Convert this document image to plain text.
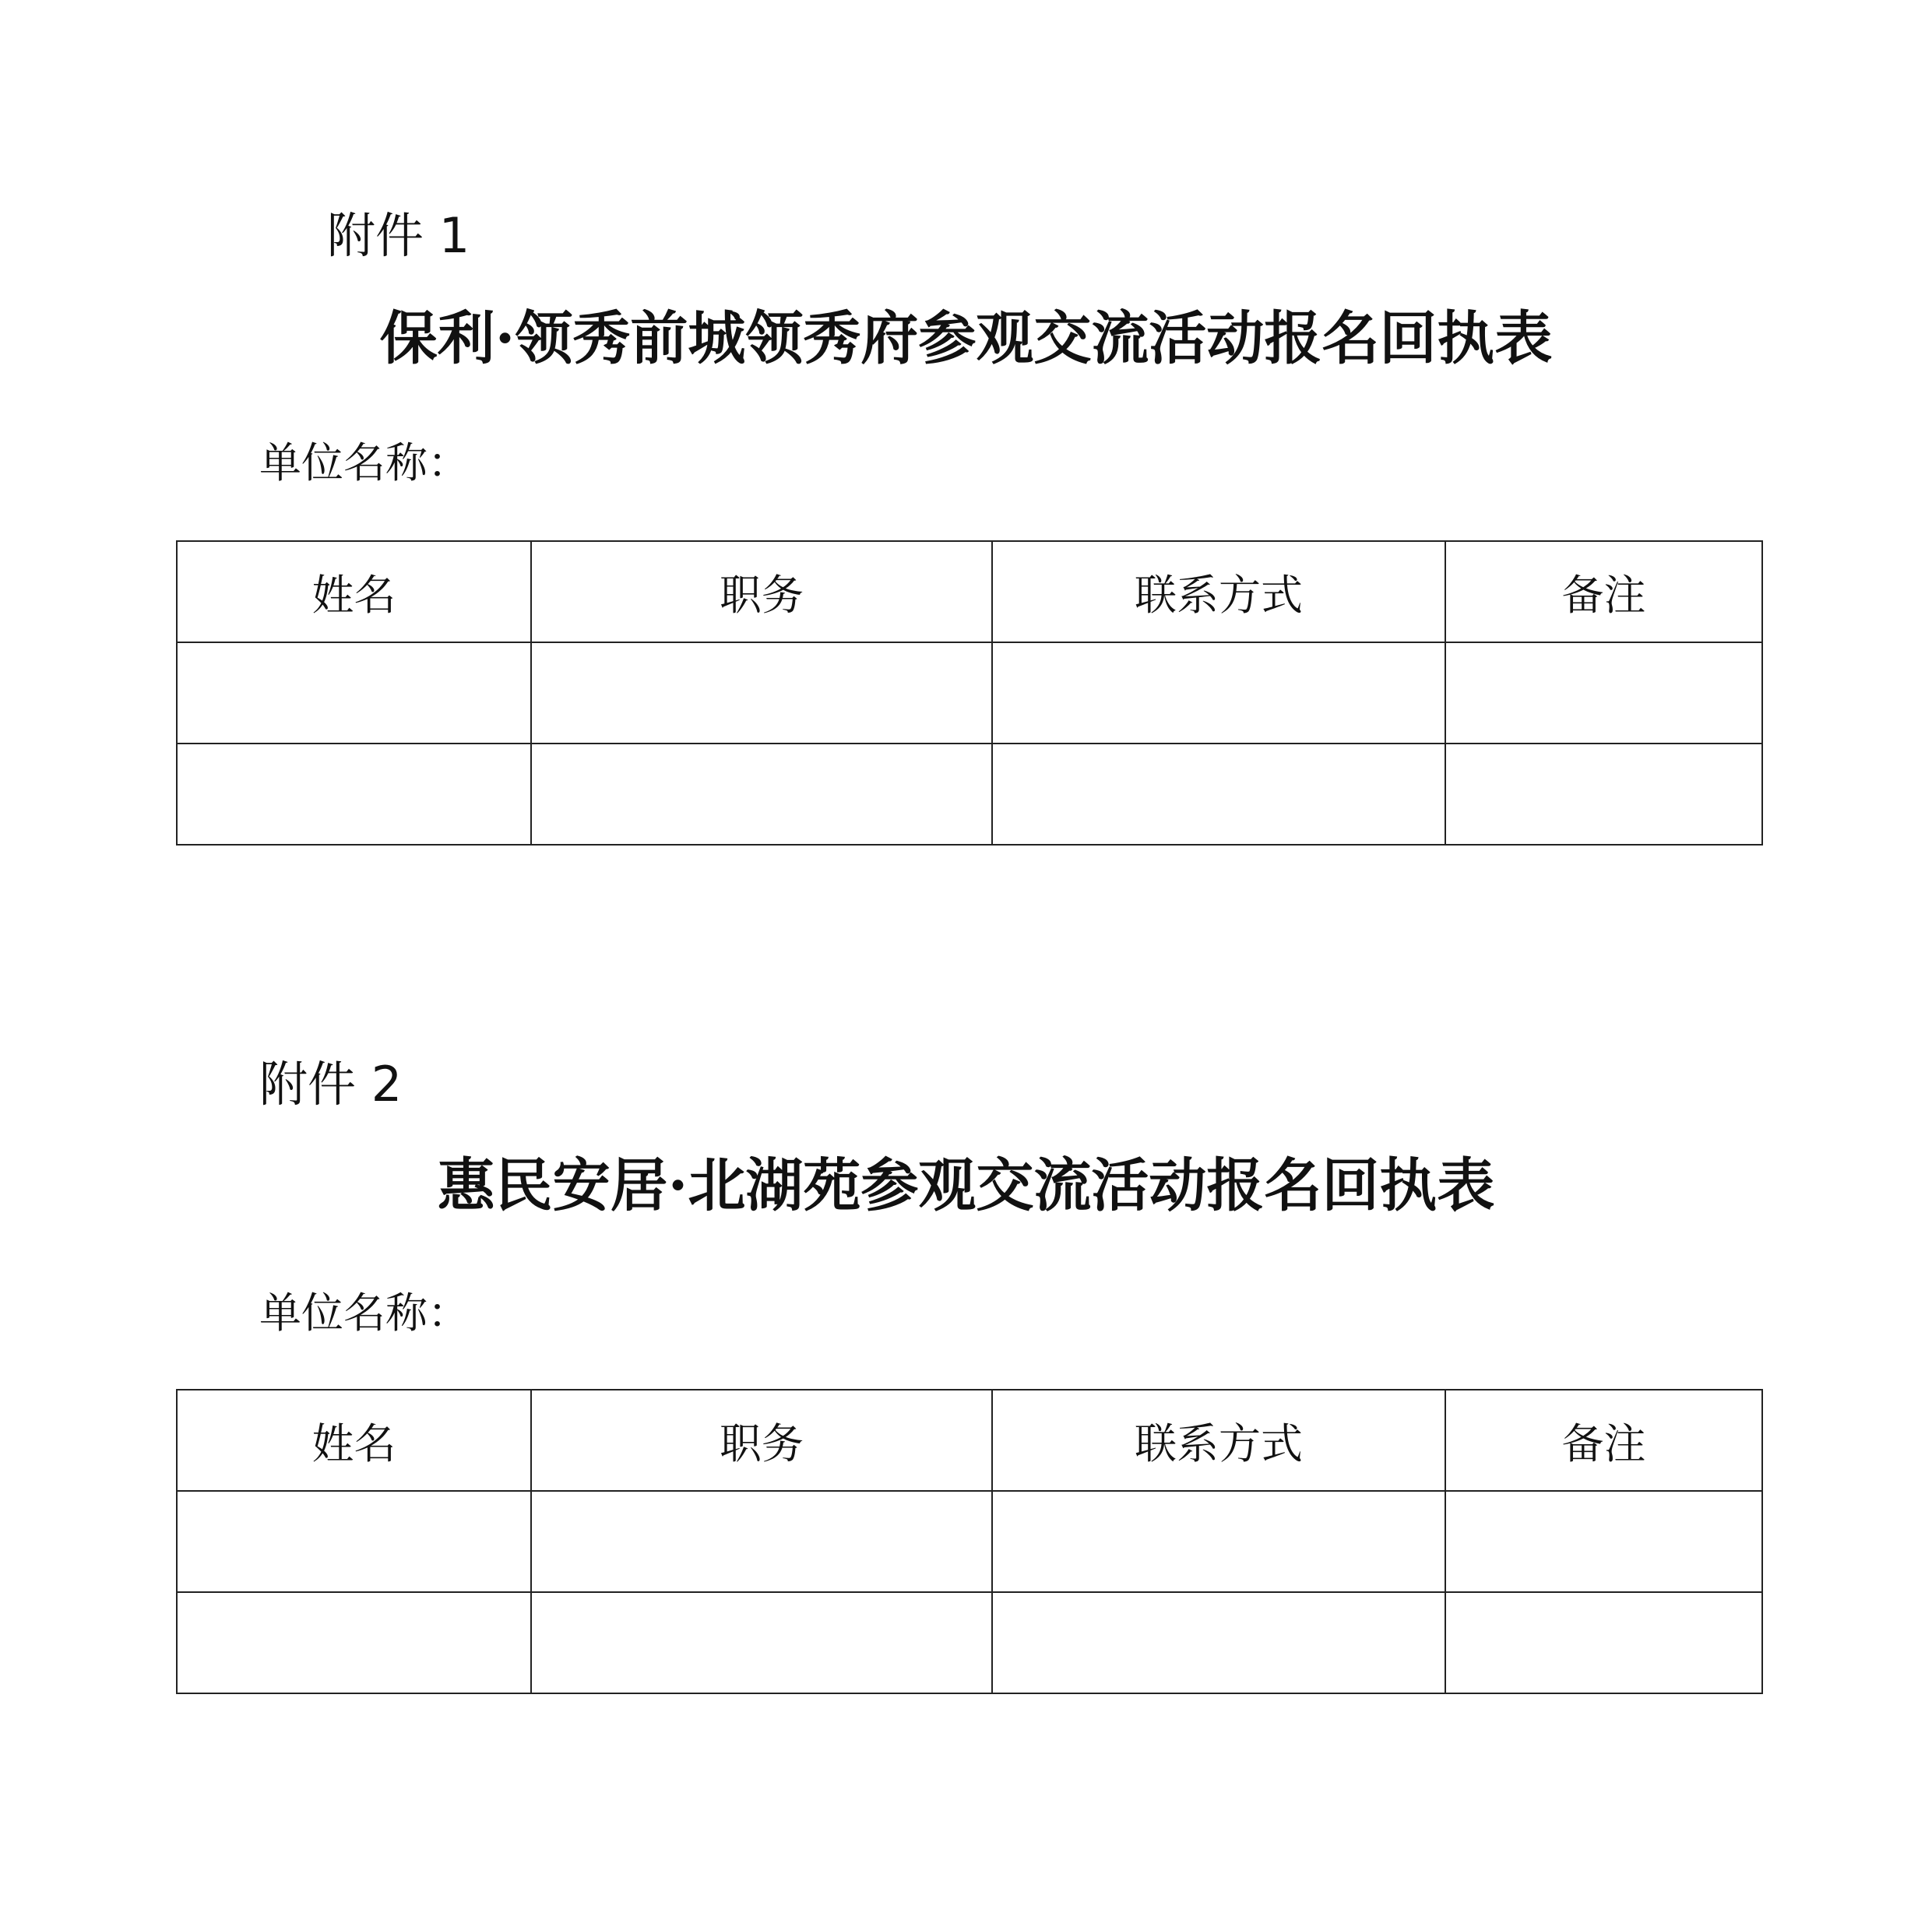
附件 1
保利·领秀前城领秀府参观交流活动报名回执表
单位名称：
姓名	职务	联系方式	备注

附件 2
惠民安居·北湖苑参观交流活动报名回执表
单位名称：
姓名	职务	联系方式	备注
